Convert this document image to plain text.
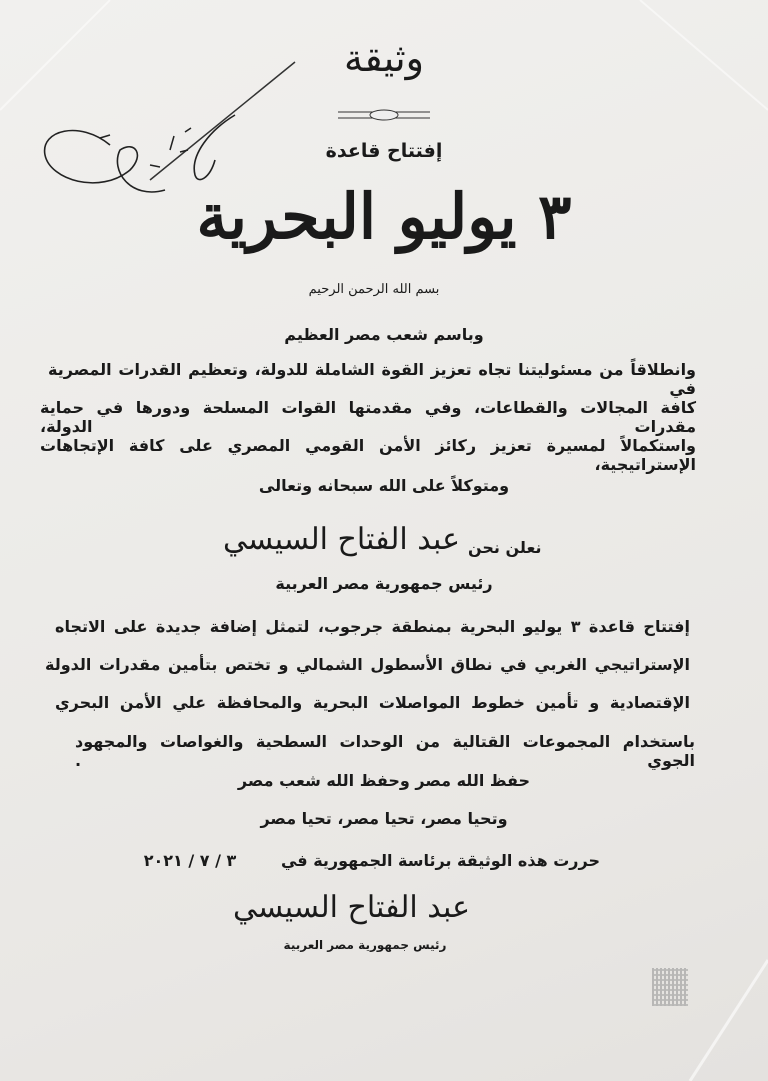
وثيقة
إفتتاح قاعدة
٣ يوليو البحرية
بسم الله الرحمن الرحيم
وباسم شعب مصر العظيم
وانطلاقاً من مسئوليتنا تجاه تعزيز القوة الشاملة للدولة، وتعظيم القدرات المصرية في
كافة المجالات والقطاعات، وفي مقدمتها القوات المسلحة ودورها في حماية مقدرات الدولة،
واستكمالاً لمسيرة تعزيز ركائز الأمن القومي المصري على كافة الإتجاهات الإستراتيجية،
ومتوكلاً على الله سبحانه وتعالى
نعلن نحن
عبد الفتاح السيسي
رئيس جمهورية مصر العربية
إفتتاح قاعدة ٣ يوليو البحرية بمنطقة جرجوب، لتمثل إضافة جديدة على الاتجاه
الإستراتيجي الغربي في نطاق الأسطول الشمالي و تختص بتأمين مقدرات الدولة
الإقتصادية و تأمين خطوط المواصلات البحرية والمحافظة علي الأمن البحري
باستخدام المجموعات القتالية من الوحدات السطحية والغواصات والمجهود الجوي .
حفظ الله مصر وحفظ الله شعب مصر
وتحيا مصر، تحيا مصر، تحيا مصر
حررت هذه الوثيقة برئاسة الجمهورية في
٣ / ٧ / ٢٠٢١
عبد الفتاح السيسي
رئيس جمهورية مصر العربية
